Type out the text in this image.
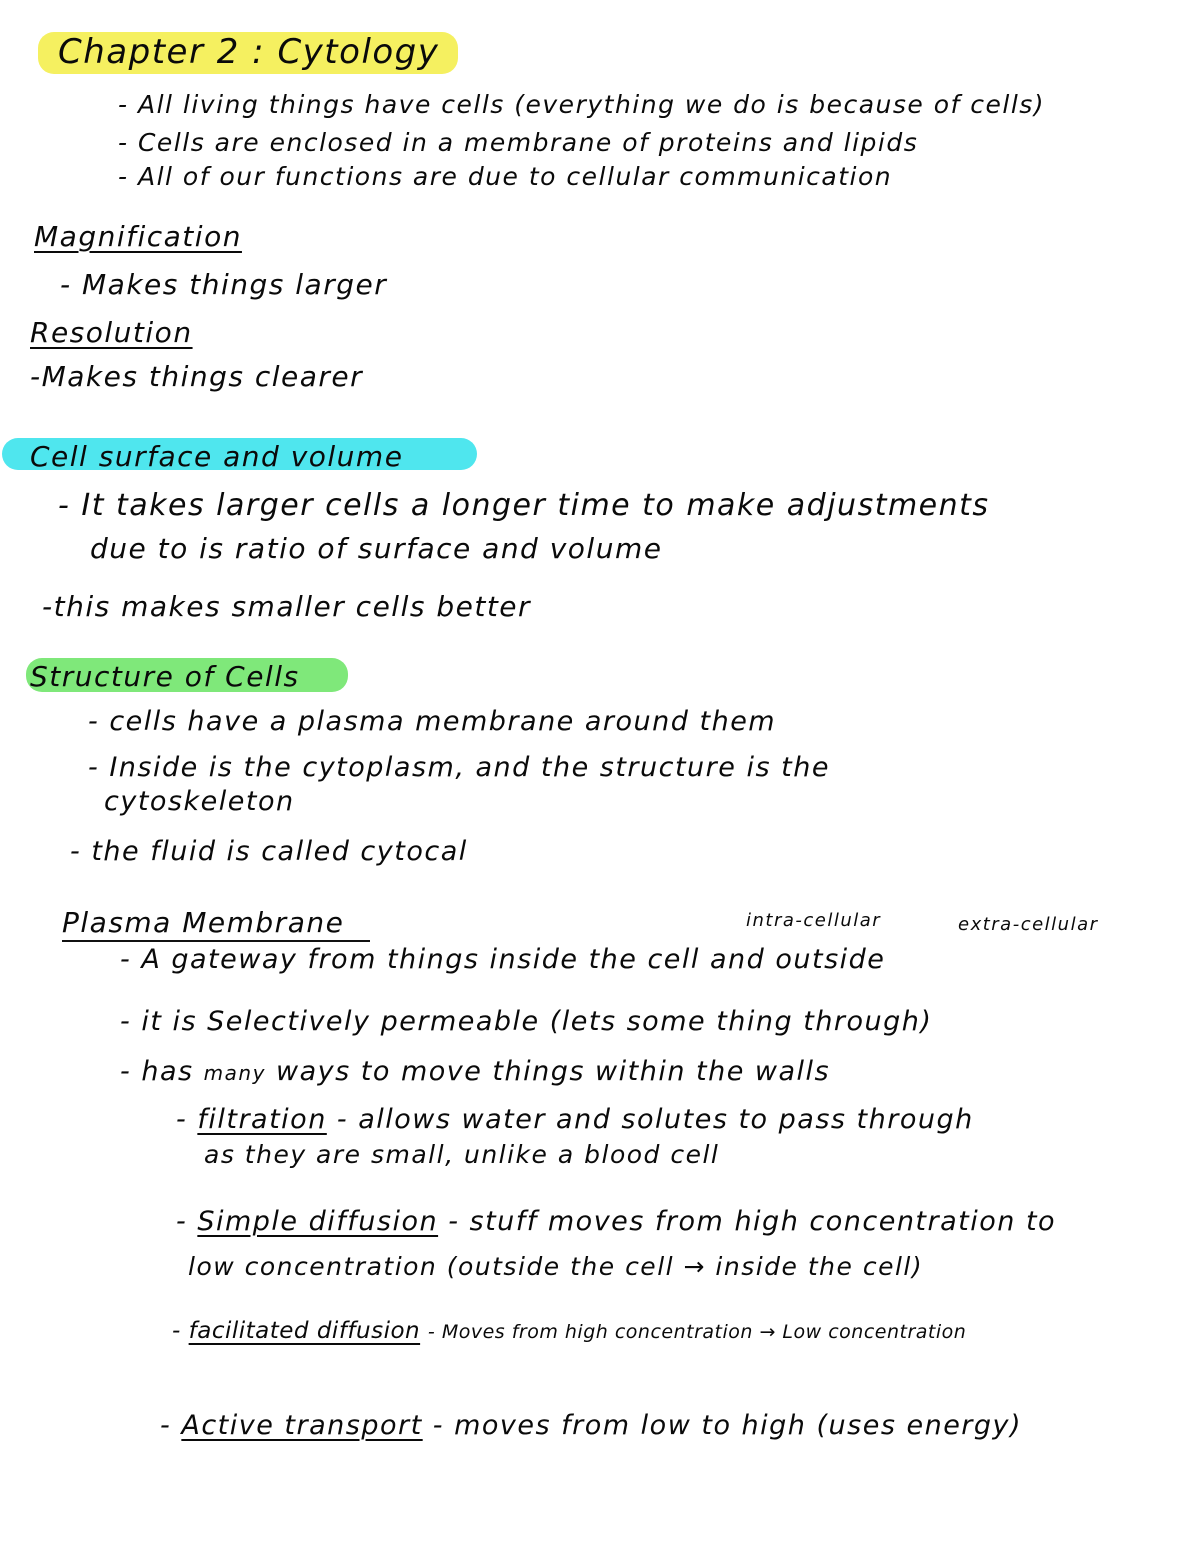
Chapter 2 : Cytology
- All living things have cells (everything we do is because of cells)
- Cells are enclosed in a membrane of proteins and lipids
- All of our functions are due to cellular communication
Magnification
- Makes things larger
Resolution
-Makes things clearer
Cell surface and volume
- It takes larger cells a longer time to make adjustments
due to is ratio of surface and volume
-this makes smaller cells better
Structure of Cells
- cells have a plasma membrane around them
- Inside is the cytoplasm, and the structure is the
cytoskeleton
- the fluid is called cytocal
Plasma Membrane	intra-cellular	extra-cellular
- A gateway from things inside the cell and outside
- it is Selectively permeable (lets some thing through)
- has many ways to move things within the walls
- filtration - allows water and solutes to pass through
as they are small, unlike a blood cell
- Simple diffusion - stuff moves from high concentration to
low concentration (outside the cell → inside the cell)
- facilitated diffusion - Moves from high concentration → Low concentration
- Active transport - moves from low to high (uses energy)
